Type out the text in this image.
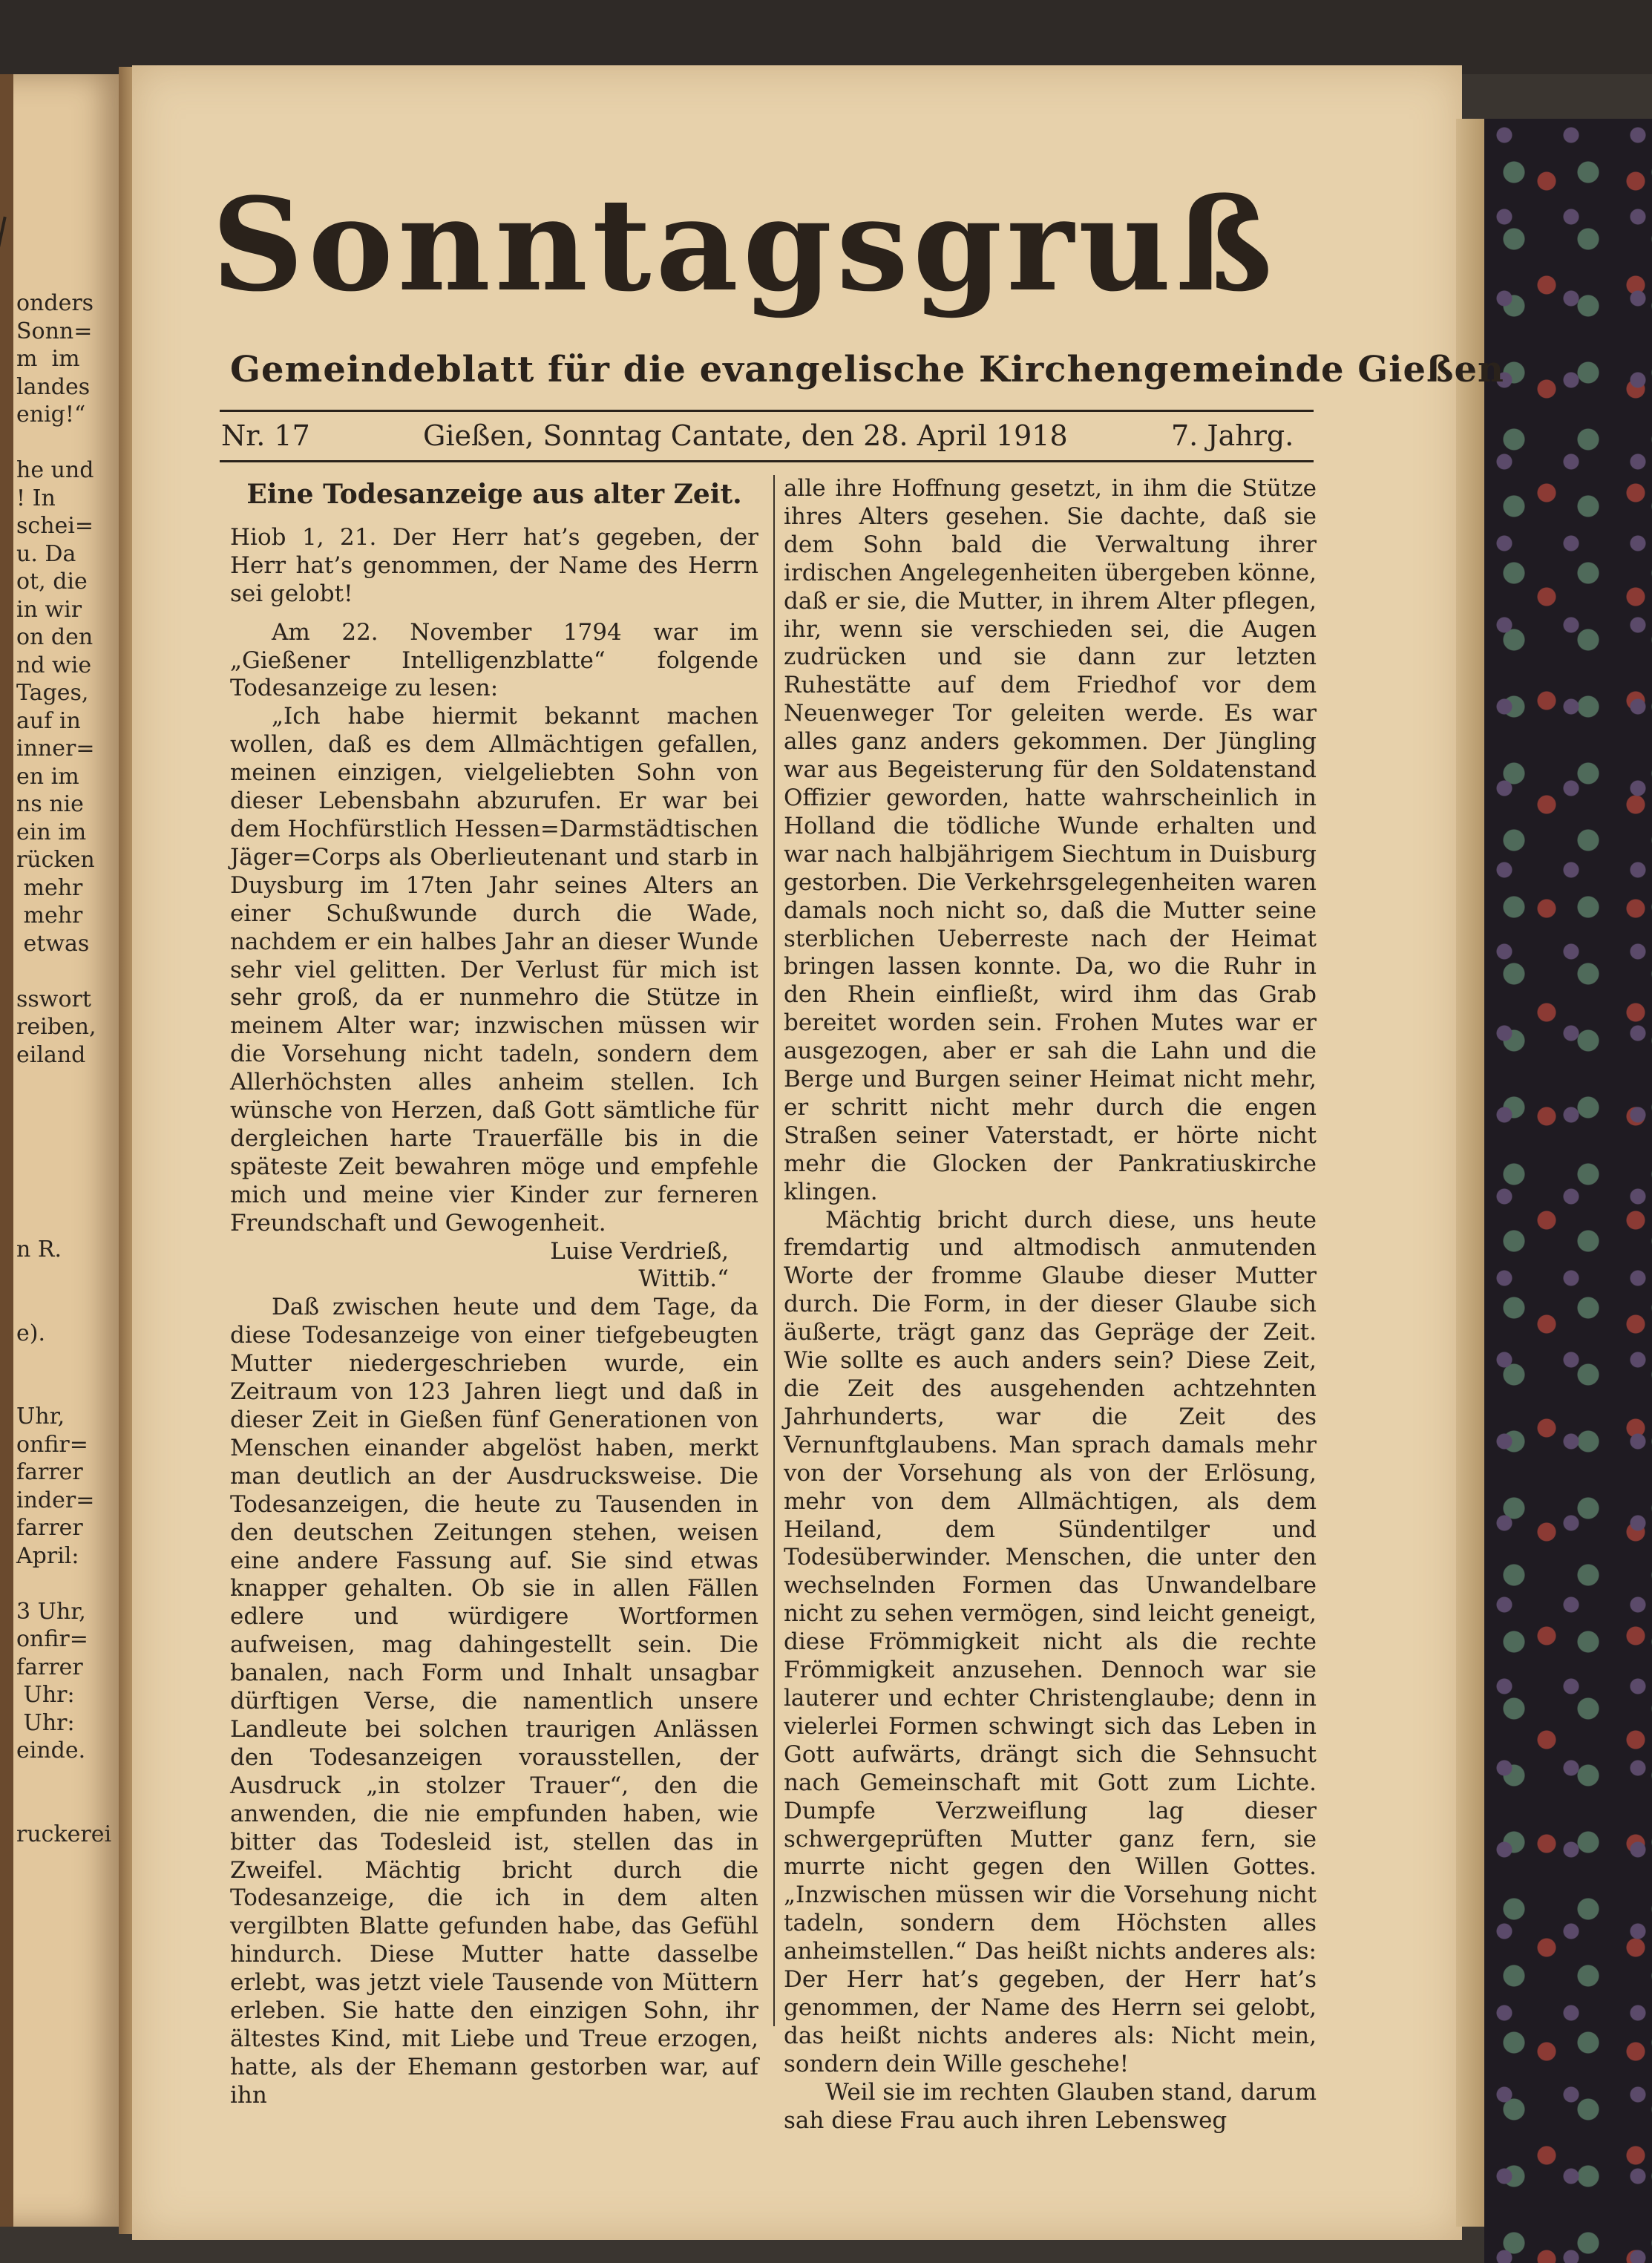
onders
Sonn=
m  im
landes
enig!“
he und
! In
schei=
u. Da
ot, die
in wir
on den
nd wie
Tages,
auf in
inner=
en im
ns nie
ein im
rücken
mehr
mehr
etwas
sswort
reiben,
eiland
n R.
e).
Uhr,
onfir=
farrer
inder=
farrer
April:
3 Uhr,
onfir=
farrer
Uhr:
Uhr:
einde.
ruckerei
Sonntagsgruß
Gemeindeblatt für die evangelische Kirchengemeinde Gießen
Nr. 17	Gießen, Sonntag Cantate, den 28. April 1918	7. Jahrg.

Eine Todesanzeige aus alter Zeit.

Hiob 1, 21. Der Herr hat’s gegeben, der Herr hat’s genommen, der Name des Herrn sei gelobt!

Am 22. November 1794 war im „Gießener Intelligenzblatte“ folgende Todesanzeige zu lesen:

„Ich habe hiermit bekannt machen wollen, daß es dem Allmächtigen gefallen, meinen einzigen, vielgeliebten Sohn von dieser Lebensbahn abzurufen. Er war bei dem Hochfürstlich Hessen=Darmstädtischen Jäger=Corps als Oberlieutenant und starb in Duysburg im 17ten Jahr seines Alters an einer Schußwunde durch die Wade, nachdem er ein halbes Jahr an dieser Wunde sehr viel gelitten. Der Verlust für mich ist sehr groß, da er nunmehro die Stütze in meinem Alter war; inzwischen müssen wir die Vorsehung nicht tadeln, sondern dem Allerhöchsten alles anheim stellen. Ich wünsche von Herzen, daß Gott sämtliche für dergleichen harte Trauerfälle bis in die späteste Zeit bewahren möge und empfehle mich und meine vier Kinder zur ferneren Freundschaft und Gewogenheit.

Luise Verdrieß,

Wittib.“

Daß zwischen heute und dem Tage, da diese Todesanzeige von einer tiefgebeugten Mutter niedergeschrieben wurde, ein Zeitraum von 123 Jahren liegt und daß in dieser Zeit in Gießen fünf Generationen von Menschen einander abgelöst haben, merkt man deutlich an der Ausdrucksweise. Die Todesanzeigen, die heute zu Tausenden in den deutschen Zeitungen stehen, weisen eine andere Fassung auf. Sie sind etwas knapper gehalten. Ob sie in allen Fällen edlere und würdigere Wortformen aufweisen, mag dahingestellt sein. Die banalen, nach Form und Inhalt unsagbar dürftigen Verse, die namentlich unsere Landleute bei solchen traurigen Anlässen den Todesanzeigen vorausstellen, der Ausdruck „in stolzer Trauer“, den die anwenden, die nie empfunden haben, wie bitter das Todesleid ist, stellen das in Zweifel. Mächtig bricht durch die Todesanzeige, die ich in dem alten vergilbten Blatte gefunden habe, das Gefühl hindurch. Diese Mutter hatte dasselbe erlebt, was jetzt viele Tausende von Müttern erleben. Sie hatte den einzigen Sohn, ihr ältestes Kind, mit Liebe und Treue erzogen, hatte, als der Ehemann gestorben war, auf ihn

alle ihre Hoffnung gesetzt, in ihm die Stütze ihres Alters gesehen. Sie dachte, daß sie dem Sohn bald die Verwaltung ihrer irdischen Angelegenheiten übergeben könne, daß er sie, die Mutter, in ihrem Alter pflegen, ihr, wenn sie verschieden sei, die Augen zudrücken und sie dann zur letzten Ruhestätte auf dem Friedhof vor dem Neuenweger Tor geleiten werde. Es war alles ganz anders gekommen. Der Jüngling war aus Begeisterung für den Soldatenstand Offizier geworden, hatte wahrscheinlich in Holland die tödliche Wunde erhalten und war nach halbjährigem Siechtum in Duisburg gestorben. Die Verkehrsgelegenheiten waren damals noch nicht so, daß die Mutter seine sterblichen Ueberreste nach der Heimat bringen lassen konnte. Da, wo die Ruhr in den Rhein einfließt, wird ihm das Grab bereitet worden sein. Frohen Mutes war er ausgezogen, aber er sah die Lahn und die Berge und Burgen seiner Heimat nicht mehr, er schritt nicht mehr durch die engen Straßen seiner Vaterstadt, er hörte nicht mehr die Glocken der Pankratiuskirche klingen.

Mächtig bricht durch diese, uns heute fremdartig und altmodisch anmutenden Worte der fromme Glaube dieser Mutter durch. Die Form, in der dieser Glaube sich äußerte, trägt ganz das Gepräge der Zeit. Wie sollte es auch anders sein? Diese Zeit, die Zeit des ausgehenden achtzehnten Jahrhunderts, war die Zeit des Vernunftglaubens. Man sprach damals mehr von der Vorsehung als von der Erlösung, mehr von dem Allmächtigen, als dem Heiland, dem Sündentilger und Todesüberwinder. Menschen, die unter den wechselnden Formen das Unwandelbare nicht zu sehen vermögen, sind leicht geneigt, diese Frömmigkeit nicht als die rechte Frömmigkeit anzusehen. Dennoch war sie lauterer und echter Christenglaube; denn in vielerlei Formen schwingt sich das Leben in Gott aufwärts, drängt sich die Sehnsucht nach Gemeinschaft mit Gott zum Lichte. Dumpfe Verzweiflung lag dieser schwergeprüften Mutter ganz fern, sie murrte nicht gegen den Willen Gottes. „Inzwischen müssen wir die Vorsehung nicht tadeln, sondern dem Höchsten alles anheimstellen.“ Das heißt nichts anderes als: Der Herr hat’s gegeben, der Herr hat’s genommen, der Name des Herrn sei gelobt, das heißt nichts anderes als: Nicht mein, sondern dein Wille geschehe!

Weil sie im rechten Glauben stand, darum sah diese Frau auch ihren Lebensweg
